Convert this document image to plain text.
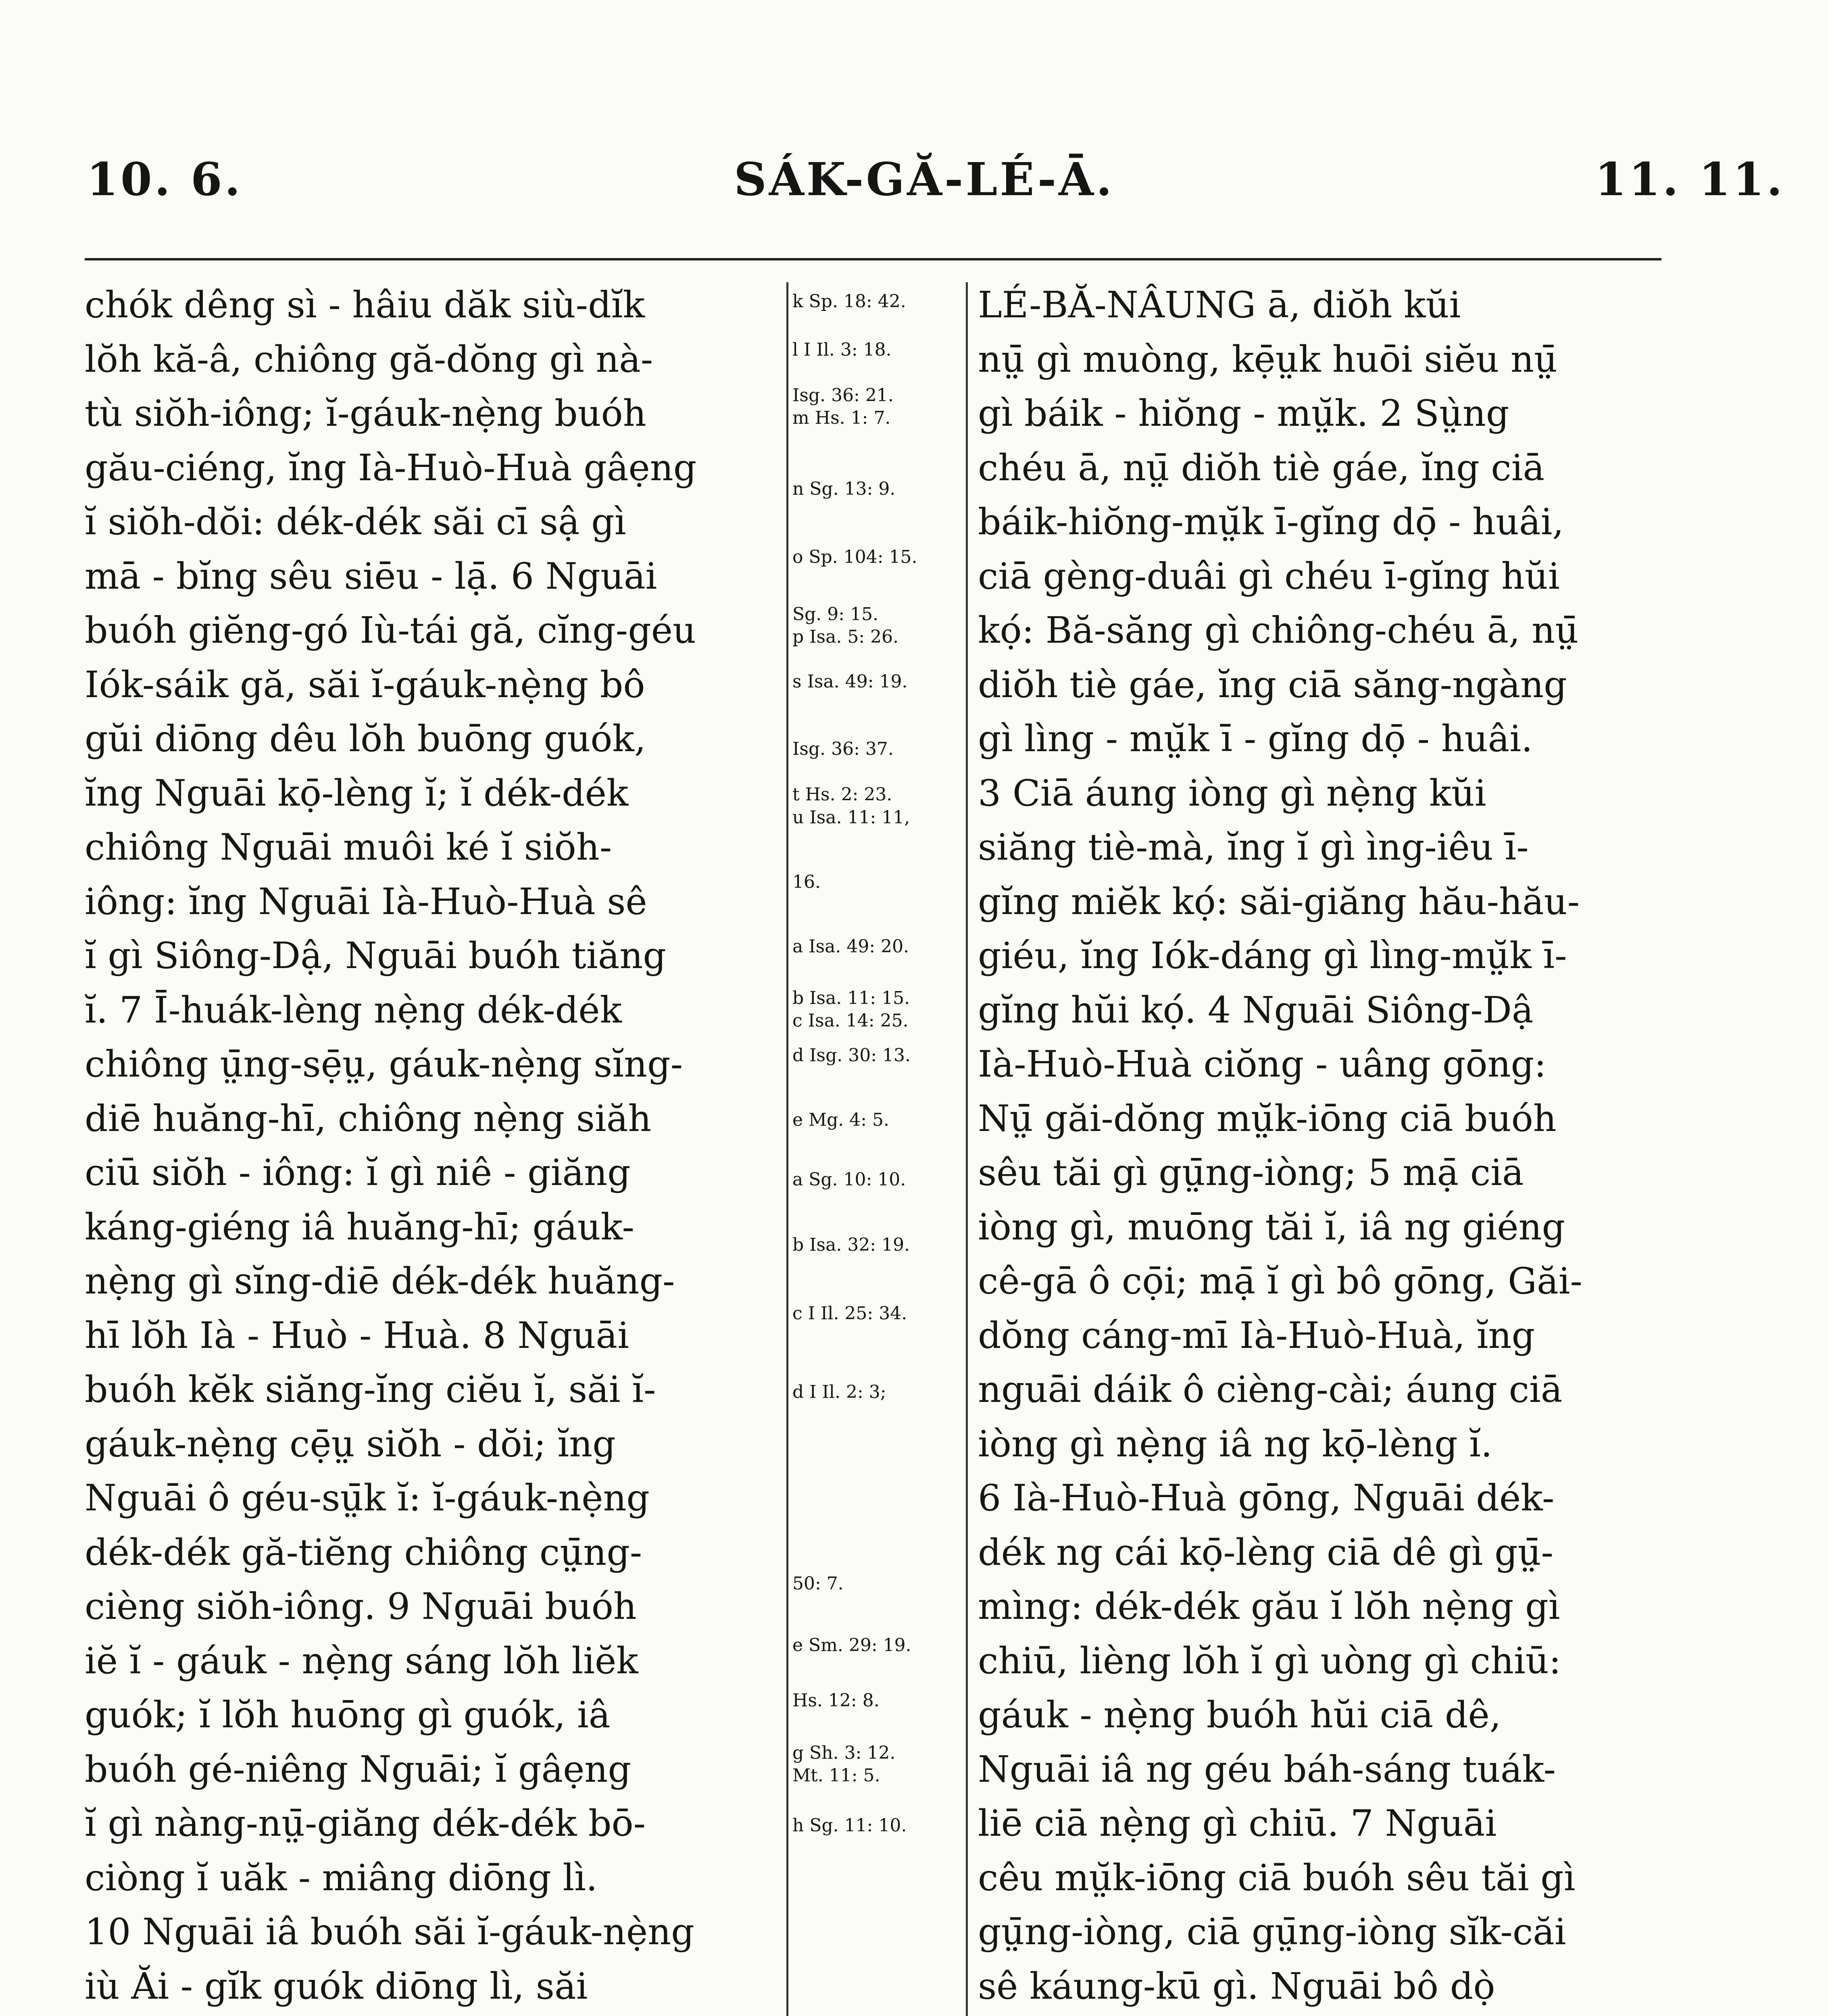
10. 6.	SÁK-GĂ-LÉ-Ā.	11. 11.
chók dêng sì - hâiu dăk siù-dĭk
lŏh kă-â, chiông gă-dŏng gì nà-
tù siŏh-iông; ĭ-gáuk-nẹ̀ng buóh
gău-ciéng, ĭng Ià-Huò-Huà gâẹng
ĭ siŏh-dŏi: dék-dék săi cī sậ gì
mā - bĭng sêu siēu - lạ̄. 6 Nguāi
buóh giĕng-gó Iù-tái gă, cĭng-géu
Iók-sáik gă, săi ĭ-gáuk-nẹ̀ng bô
gŭi diōng dêu lŏh buōng guók,
ĭng Nguāi kọ̄-lèng ĭ; ĭ dék-dék
chiông Nguāi muôi ké ĭ siŏh-
iông: ĭng Nguāi Ià-Huò-Huà sê
ĭ gì Siông-Dậ, Nguāi buóh tiăng
ĭ. 7 Ī-huák-lèng nẹ̀ng dék-dék
chiông ṳ̄ng-sẹ̄ṳ, gáuk-nẹ̀ng sĭng-
diē huăng-hī, chiông nẹ̀ng siăh
ciū siŏh - iông: ĭ gì niê - giăng
káng-giéng iâ huăng-hī; gáuk-
nẹ̀ng gì sĭng-diē dék-dék huăng-
hī lŏh Ià - Huò - Huà. 8 Nguāi
buóh kĕk siăng-ĭng ciĕu ĭ, săi ĭ-
gáuk-nẹ̀ng cẹ̄ṳ siŏh - dŏi; ĭng
Nguāi ô géu-sṳ̄k ĭ: ĭ-gáuk-nẹ̀ng
dék-dék gă-tiĕng chiông cṳ̄ng-
cièng siŏh-iông. 9 Nguāi buóh
iĕ ĭ - gáuk - nẹ̀ng sáng lŏh liĕk
guók; ĭ lŏh huōng gì guók, iâ
buóh gé-niêng Nguāi; ĭ gâẹng
ĭ gì nàng-nṳ̄-giăng dék-dék bō-
ciòng ĭ uăk - miâng diōng lì.
10 Nguāi iâ buóh săi ĭ-gáuk-nẹ̀ng
iù Ăi - gĭk guók diōng lì, săi
k Sp. 18: 42.
l I Il. 3: 18.
Isg. 36: 21.
m Hs. 1: 7.
n Sg. 13: 9.
o Sp. 104: 15.
Sg. 9: 15.
p Isa. 5: 26.
s Isa. 49: 19.
Isg. 36: 37.
t Hs. 2: 23.
u Isa. 11: 11,
16.
a Isa. 49: 20.
b Isa. 11: 15.
c Isa. 14: 25.
d Isg. 30: 13.
e Mg. 4: 5.
a Sg. 10: 10.
b Isa. 32: 19.
c I Il. 25: 34.
d I Il. 2: 3;
50: 7.
e Sm. 29: 19.
Hs. 12: 8.
g Sh. 3: 12.
Mt. 11: 5.
h Sg. 11: 10.
LÉ-BĂ-NÂUNG ā, diŏh kŭi
nṳ̄ gì muòng, kẹ̄ṳk huōi siĕu nṳ̄
gì báik - hiŏng - mṳ̆k. 2 Sṳ̀ng
chéu ā, nṳ̄ diŏh tiè gáe, ĭng ciā
báik-hiŏng-mṳ̆k ī-gĭng dọ̄ - huâi,
ciā gèng-duâi gì chéu ī-gĭng hŭi
kọ́: Bă-săng gì chiông-chéu ā, nṳ̄
diŏh tiè gáe, ĭng ciā săng-ngàng
gì lìng - mṳ̆k ī - gĭng dọ̄ - huâi.
3 Ciā áung iòng gì nẹ̀ng kŭi
siăng tiè-mà, ĭng ĭ gì ìng-iêu ī-
gĭng miĕk kọ́: săi-giăng hău-hău-
giéu, ĭng Iók-dáng gì lìng-mṳ̆k ī-
gĭng hŭi kọ́. 4 Nguāi Siông-Dậ
Ià-Huò-Huà ciŏng - uâng gōng:
Nṳ̄ găi-dŏng mṳ̆k-iōng ciā buóh
sêu tăi gì gṳ̄ng-iòng; 5 mạ̄ ciā
iòng gì, muōng tăi ĭ, iâ ng giéng
cê-gā ô cọ̄i; mạ̄ ĭ gì bô gōng, Găi-
dŏng cáng-mī Ià-Huò-Huà, ĭng
nguāi dáik ô cièng-cài; áung ciā
iòng gì nẹ̀ng iâ ng kọ̄-lèng ĭ.
6 Ià-Huò-Huà gōng, Nguāi dék-
dék ng cái kọ̄-lèng ciā dê gì gṳ̄-
mìng: dék-dék gău ĭ lŏh nẹ̀ng gì
chiū, lièng lŏh ĭ gì uòng gì chiū:
gáuk - nẹ̀ng buóh hŭi ciā dê,
Nguāi iâ ng géu báh-sáng tuák-
liē ciā nẹ̀ng gì chiū. 7 Nguāi
cêu mṳ̆k-iōng ciā buóh sêu tăi gì
gṳ̄ng-iòng, ciā gṳ̄ng-iòng sĭk-căi
sê káung-kū gì. Nguāi bô dọ̀
